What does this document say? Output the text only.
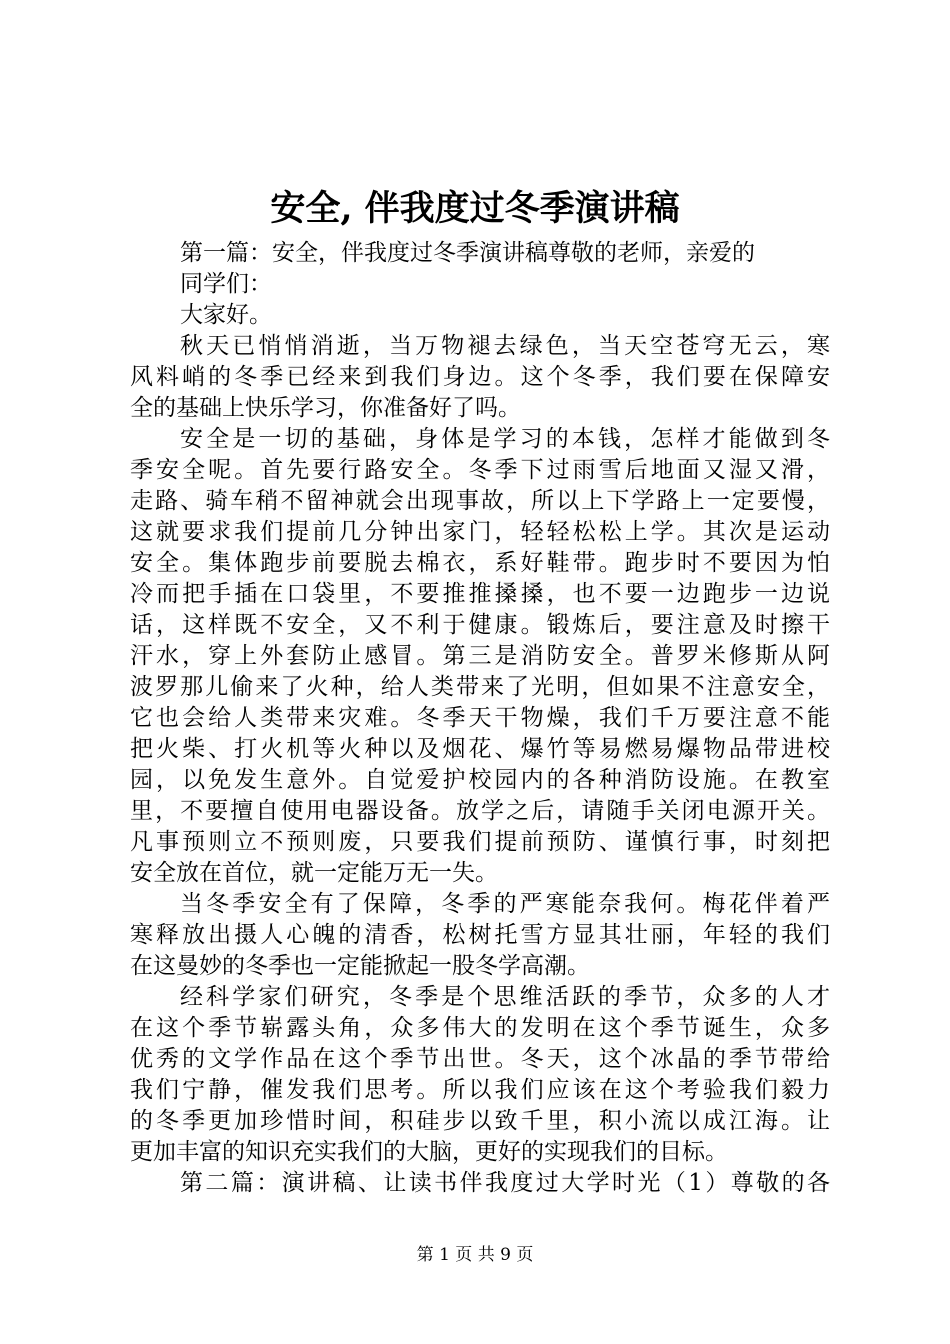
安全, 伴我度过冬季演讲稿
第一篇：安全，伴我度过冬季演讲稿尊敬的老师，亲爱的
同学们：
大家好。
秋天已悄悄消逝，当万物褪去绿色，当天空苍穹无云，寒
风料峭的冬季已经来到我们身边。这个冬季，我们要在保障安
全的基础上快乐学习，你准备好了吗。
安全是一切的基础，身体是学习的本钱，怎样才能做到冬
季安全呢。首先要行路安全。冬季下过雨雪后地面又湿又滑，
走路、骑车稍不留神就会出现事故，所以上下学路上一定要慢，
这就要求我们提前几分钟出家门，轻轻松松上学。其次是运动
安全。集体跑步前要脱去棉衣，系好鞋带。跑步时不要因为怕
冷而把手插在口袋里，不要推推搡搡，也不要一边跑步一边说
话，这样既不安全，又不利于健康。锻炼后，要注意及时擦干
汗水，穿上外套防止感冒。第三是消防安全。普罗米修斯从阿
波罗那儿偷来了火种，给人类带来了光明，但如果不注意安全，
它也会给人类带来灾难。冬季天干物燥，我们千万要注意不能
把火柴、打火机等火种以及烟花、爆竹等易燃易爆物品带进校
园，以免发生意外。自觉爱护校园内的各种消防设施。在教室
里，不要擅自使用电器设备。放学之后，请随手关闭电源开关。
凡事预则立不预则废，只要我们提前预防、谨慎行事，时刻把
安全放在首位，就一定能万无一失。
当冬季安全有了保障，冬季的严寒能奈我何。梅花伴着严
寒释放出摄人心魄的清香，松树托雪方显其壮丽，年轻的我们
在这曼妙的冬季也一定能掀起一股冬学高潮。
经科学家们研究，冬季是个思维活跃的季节，众多的人才
在这个季节崭露头角，众多伟大的发明在这个季节诞生，众多
优秀的文学作品在这个季节出世。冬天，这个冰晶的季节带给
我们宁静，催发我们思考。所以我们应该在这个考验我们毅力
的冬季更加珍惜时间，积硅步以致千里，积小流以成江海。让
更加丰富的知识充实我们的大脑，更好的实现我们的目标。
第二篇：演讲稿、让读书伴我度过大学时光（1）尊敬的各
第 1 页 共 9 页
